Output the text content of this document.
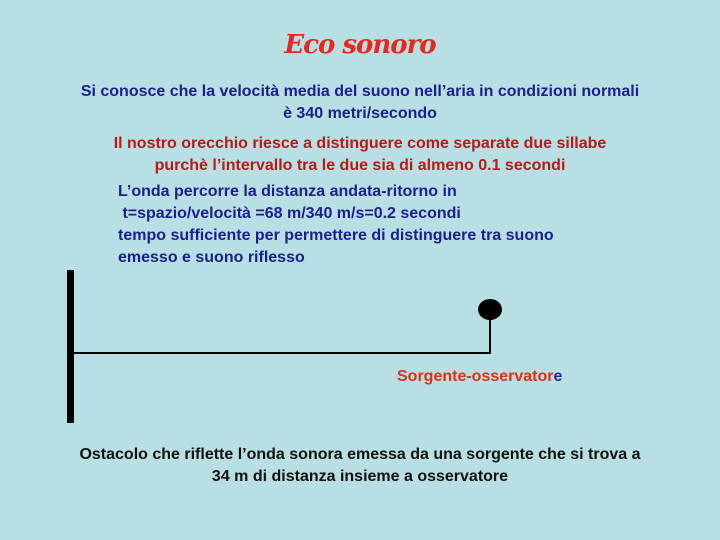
Eco sonoro
Si conosce che la velocità media del suono nell’aria in condizioni normali
è 340 metri/secondo
Il nostro orecchio riesce a distinguere come separate due sillabe
purchè l’intervallo tra le due sia di almeno 0.1 secondi
L’onda percorre la distanza andata-ritorno in
t=spazio/velocità =68 m/340 m/s=0.2 secondi
tempo sufficiente per permettere di distinguere tra suono
emesso e suono riflesso
Sorgente-osservatore
Ostacolo che riflette l’onda sonora emessa da una sorgente che si trova a
34 m di distanza insieme a osservatore
